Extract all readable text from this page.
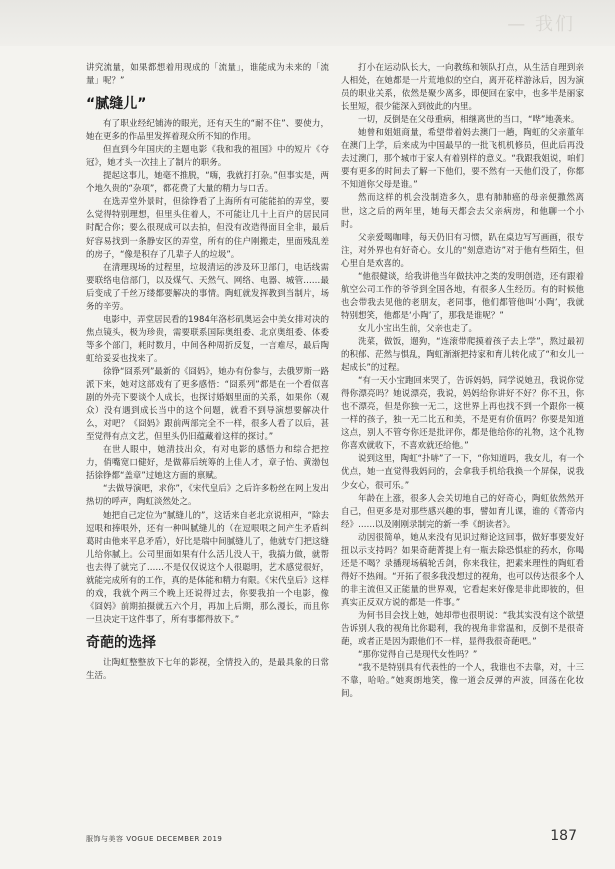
— 我们

讲究流量，如果都想着用现成的「流量」，谁能成为未来的「流量」呢？”

“腻缝儿”

有了职业经纪铺涛的眼光，还有天生的“耐不住”、要使力，她在更多的作品里发挥着现众所不知的作用。

但直到今年国庆的主题电影《我和我的祖国》中的短片《夺冠》，她才头一次挂上了制片的职务。

提起这事儿，她毫不推脱，“嗨，我就打打杂。”但事实是，两个地久贵的“杂项”，都花费了大量的精力与口舌。

在选弄堂外景时，但徐铮看了上海所有可能能拍的弄堂，要么觉得特别理想，但里头住着人，不可能让几十上百户的居民同时配合你；要么很现成可以去拍，但没有改造得面目全非，最后好容易找到一条静安区的弄堂，所有的住户刚搬走，里面残乱差的房子，“像是积存了几辈子人的垃圾”。

在清理现场的过程里，垃圾清运的涉及环卫部门，电话线需要联络电信部门，以及煤气、天然气、网络、电器、城管……最后变成了千丝万缕都要解决的事情。陶虹就发挥教到当制片，场务的辛劳。

电影中，弄堂居民看的1984年洛杉矶奥运会中美女排对决的焦点镜头，极为珍贵，需要联系国际奥组委、北京奥组委、体委等多个部门，耗时数月，中间各种周折反复，一言难尽，最后陶虹给妥妥也找来了。

徐铮“囧系列”最新的《囧妈》，她办有份参与，去俄罗斯一路派下来，她对这部戏有了更多感悟：“囧系列”都是在一个看似喜剧的外壳下要谈个人成长，也探讨婚姻里面的关系，如果你（观众）没有遇到成长当中的这个问题，就看不到导演想要解决什么，对吧？《囧妈》跟前两部完全不一样，很多人看了以后，甚至觉得有点文艺，但里头仍旧蕴藏着这样的探讨。”

在世人眼中，她清技出众，有对电影的感悟力和综合把控力，俏嘴宽口健好，是做幕后统筹的上佳人才，章子怡、黄渤包括徐铮都“盖章”过她这方面的禀赋。

“去做导演吧，求你”，《宋代皇后》之后许多粉丝在网上发出热切的呼声，陶虹淡然处之。

她把自己定位为“腻缝儿的”，这话来自老北京说相声，“除去逗哏和捧哏外，还有一种叫腻缝儿的（在逗哏哏之间产生矛盾纠葛时由他来平息矛盾），好比是瑞中间腻缝儿了，他就专门把这缝儿给你腻上。公司里面如果有什么活儿没人干，我搞力做，就帮也去得了就完了……不是仅仅说这个人很聪明，艺术感觉很好，就能完成所有的工作，真的是体能和精力有限。《宋代皇后》这样的戏，我就个两三个晚上还说得过去，你要我拍一个电影，像《囧妈》前期拍摄就五六个月，再加上后期，那么漫长，而且你一旦决定干这件事了，所有事都得放下。”

奇葩的选择

让陶虹整整放下七年的影视，全情投入的，是最具象的日常生活。

打小在运动队长大，一向教练和领队打点，从生活自理到亲人相处，在她都是一片荒地似的空白，离开花样游泳后，因为演员的职业关系，依然是聚少离多，即便回在家中，也多半是丽家长里短，很少能深入到彼此的内里。

一切，反倒是在父母重病，相继离世的当口，“哗”地袭来。

她曾和姐姐商量，希望带着妈去澳门一趟，陶虹的父亲董年在澳门上学，后来成为中国最早的一批飞机机修员，但此后再没去过澳门，那个城市于家人有着别样的意义。“我跟我姐说，咱们要有更多的时间去了解一下他们，要不然有一天他们没了，你都不知道你父母是谁。”

然而这样的机会没制造多久，患有肺肺癌的母亲便撒然离世，这之后的两年里，她每天都会去父亲病房，和他聊一个小时。

父亲爱喝咖啡，每天仍旧有习惯，趴在桌边写写画画，很专注，对外界也有好奇心。女儿的“刻意造访”对于他有些陌生，但心里自是欢喜的。

“他很健谈，给我讲他当年做扶冲之类的发明创造，还有跟着航空公司工作的爷爷到全国各地，有很多人生经历。有的时候他也会带我去见他的老朋友，老同事，他们都管他叫‘小陶’，我就特别想笑，他都是‘小陶’了，那我是谁呢？”

女儿小宝出生前，父亲也走了。

洗菜，做饭，遛狗，“连滚带爬摸着孩子去上学”，熬过最初的积郁、茫然与惧乱，陶虹渐渐把持家和育儿转化成了“和女儿一起成长”的过程。

“有一天小宝跑回来哭了，告诉妈妈，同学说她丑，我说你觉得你漂亮吗？她说漂亮，我说，妈妈给你讲好不好？你不丑，你也不漂亮，但是你独一无二，这世界上再也找不到一个跟你一模一样的孩子，独一无二比五和美，不是更有价值吗？你要是知道这点，别人不管夸你还是批评你，都是他给你的礼物，这个礼物你喜欢就收下，不喜欢就还给他。”

说到这里，陶虹“扑哧”了一下，“你知道吗，我女儿，有一个优点，她一直觉得我妈问的，会拿我手机给我换一个屏保，说我少女心，很可乐。”

年龄在上涨，很多人会关切地自己的好奇心，陶虹依然然开自己，但更多是对那些感兴趣的事，譬如育儿课，谁的《菁帝内经》……以及刚刚录制完的新一季《朗读者》。

动因很简单，她从来没有见识过辩论这回事，做好事要发好扭以示支持吗？如果奇葩菁提上有一瓶去除恐惧症的药水，你喝还是不喝？录播现场稿轮舌剑，你来我往，把素来理性的陶虹看得好不热闹。“开拓了很多我没想过的视角，也可以传达很多个人的非主流但又正能量的世界观，它看起来好像是非此即彼的，但真实正反双方说的都是一件事。”

为何书目会找上她，她却带也很明说：“我其实没有这个欲望告诉别人我的视角比你聪利，我的视角非常温和，反倒不是很奇葩，或者正是因为跟他们不一样，显得我很奇葩吧。”

“那你觉得自己是现代女性吗？”

“我不是特别具有代表性的一个人，我谁也不去靠，对，十三不靠，哈哈。”她爽朗地笑，像一道会反弹的声波，回荡在化妆间。

服饰与美容 VOGUE DECEMBER 2019	187
